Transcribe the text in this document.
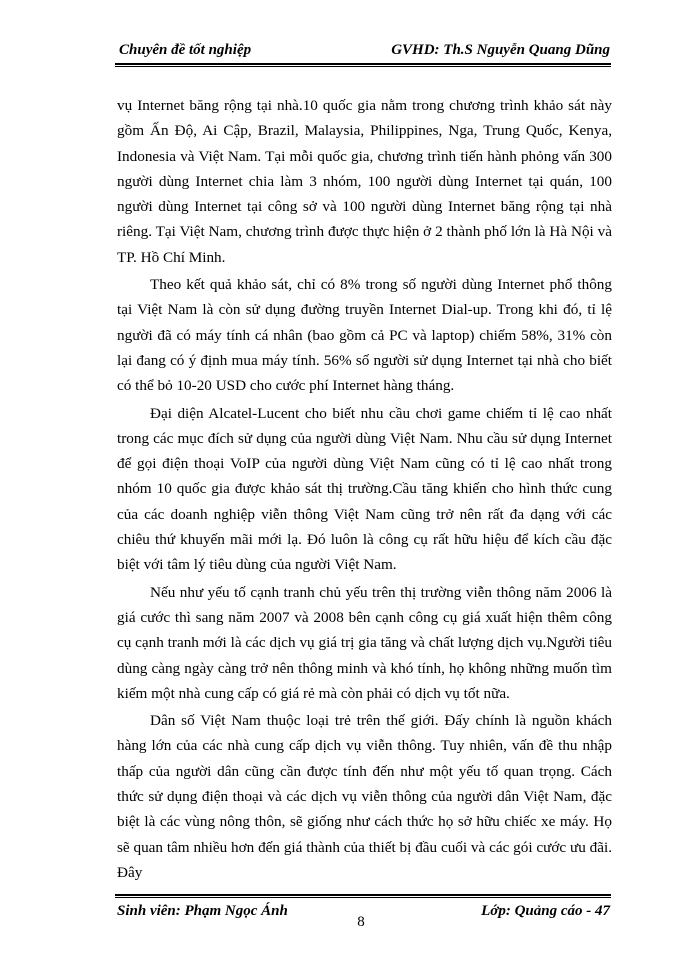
Chuyên đề tốt nghiệp	GVHD: Th.S Nguyễn Quang Dũng

vụ Internet băng rộng tại nhà.10 quốc gia nằm trong chương trình khảo sát này gồm Ấn Độ, Ai Cập, Brazil, Malaysia, Philippines, Nga, Trung Quốc, Kenya, Indonesia và Việt Nam. Tại mỗi quốc gia, chương trình tiến hành phỏng vấn 300 người dùng Internet chia làm 3 nhóm, 100 người dùng Internet tại quán, 100 người dùng Internet tại công sở và 100 người dùng Internet băng rộng tại nhà riêng. Tại Việt Nam, chương trình được thực hiện ở 2 thành phố lớn là Hà Nội và TP. Hồ Chí Minh.

Theo kết quả khảo sát, chỉ có 8% trong số người dùng Internet phổ thông tại Việt Nam là còn sử dụng đường truyền Internet Dial-up. Trong khi đó, tỉ lệ người đã có máy tính cá nhân (bao gồm cả PC và laptop) chiếm 58%, 31% còn lại đang có ý định mua máy tính. 56% số người sử dụng Internet tại nhà cho biết có thể bỏ 10-20 USD cho cước phí Internet hàng tháng.

Đại diện Alcatel-Lucent cho biết nhu cầu chơi game chiếm tỉ lệ cao nhất trong các mục đích sử dụng của người dùng Việt Nam. Nhu cầu sử dụng Internet để gọi điện thoại VoIP của người dùng Việt Nam cũng có tỉ lệ cao nhất trong nhóm 10 quốc gia được khảo sát thị trường.Cầu tăng khiến cho hình thức cung của các doanh nghiệp viễn thông Việt Nam cũng trở nên rất đa dạng với các chiêu thứ khuyến mãi mới lạ. Đó luôn là công cụ rất hữu hiệu để kích cầu đặc biệt với tâm lý tiêu dùng của người Việt Nam.

Nếu như yếu tố cạnh tranh chủ yếu trên thị trường viễn thông năm 2006 là giá cước thì sang năm 2007 và 2008 bên cạnh công cụ giá xuất hiện thêm công cụ cạnh tranh mới là các dịch vụ giá trị gia tăng và chất lượng dịch vụ.Người tiêu dùng càng ngày càng trở nên thông minh và khó tính, họ không những muốn tìm kiếm một nhà cung cấp có giá rẻ mà còn phải có dịch vụ tốt nữa.

Dân số Việt Nam thuộc loại trẻ trên thế giới. Đấy chính là nguồn khách hàng lớn của các nhà cung cấp dịch vụ viễn thông. Tuy nhiên, vấn đề thu nhập thấp của người dân cũng cần được tính đến như một yếu tố quan trọng. Cách thức sử dụng điện thoại và các dịch vụ viễn thông của người dân Việt Nam, đặc biệt là các vùng nông thôn, sẽ giống như cách thức họ sở hữu chiếc xe máy. Họ sẽ quan tâm nhiều hơn đến giá thành của thiết bị đầu cuối và các gói cước ưu đãi. Đây

Sinh viên: Phạm Ngọc Ánh	Lớp: Quảng cáo - 47
8
